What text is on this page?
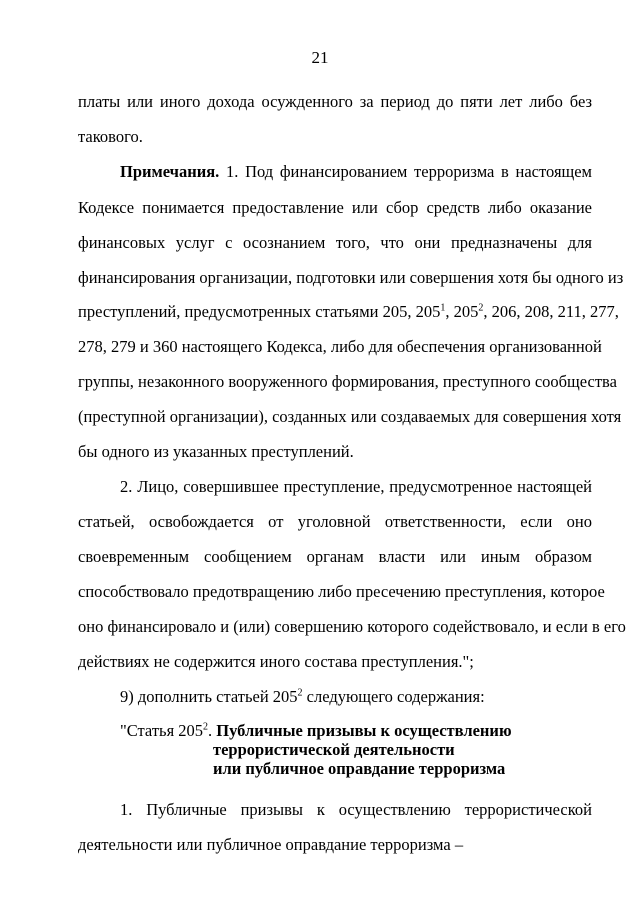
21
платы или иного дохода осужденного за период до пяти лет либо без
такового.
Примечания. 1. Под финансированием терроризма в настоящем
Кодексе понимается предоставление или сбор средств либо оказание
финансовых услуг с осознанием того, что они предназначены для
финансирования организации, подготовки или совершения хотя бы одного из
преступлений, предусмотренных статьями 205, $205^1$, $205^2$, 206, 208, 211, 277,
278, 279 и 360 настоящего Кодекса, либо для обеспечения организованной
группы, незаконного вооруженного формирования, преступного сообщества
(преступной организации), созданных или создаваемых для совершения хотя
бы одного из указанных преступлений.
2. Лицо, совершившее преступление, предусмотренное настоящей
статьей, освобождается от уголовной ответственности, если оно
своевременным сообщением органам власти или иным образом
способствовало предотвращению либо пресечению преступления, которое
оно финансировало и (или) совершению которого содействовало, и если в его
действиях не содержится иного состава преступления.";
9) дополнить статьей $205^2$ следующего содержания:
"Статья $205^2$. Публичные призывы к осуществлению
террористической деятельности
или публичное оправдание терроризма
1. Публичные призывы к осуществлению террористической
деятельности или публичное оправдание терроризма –
